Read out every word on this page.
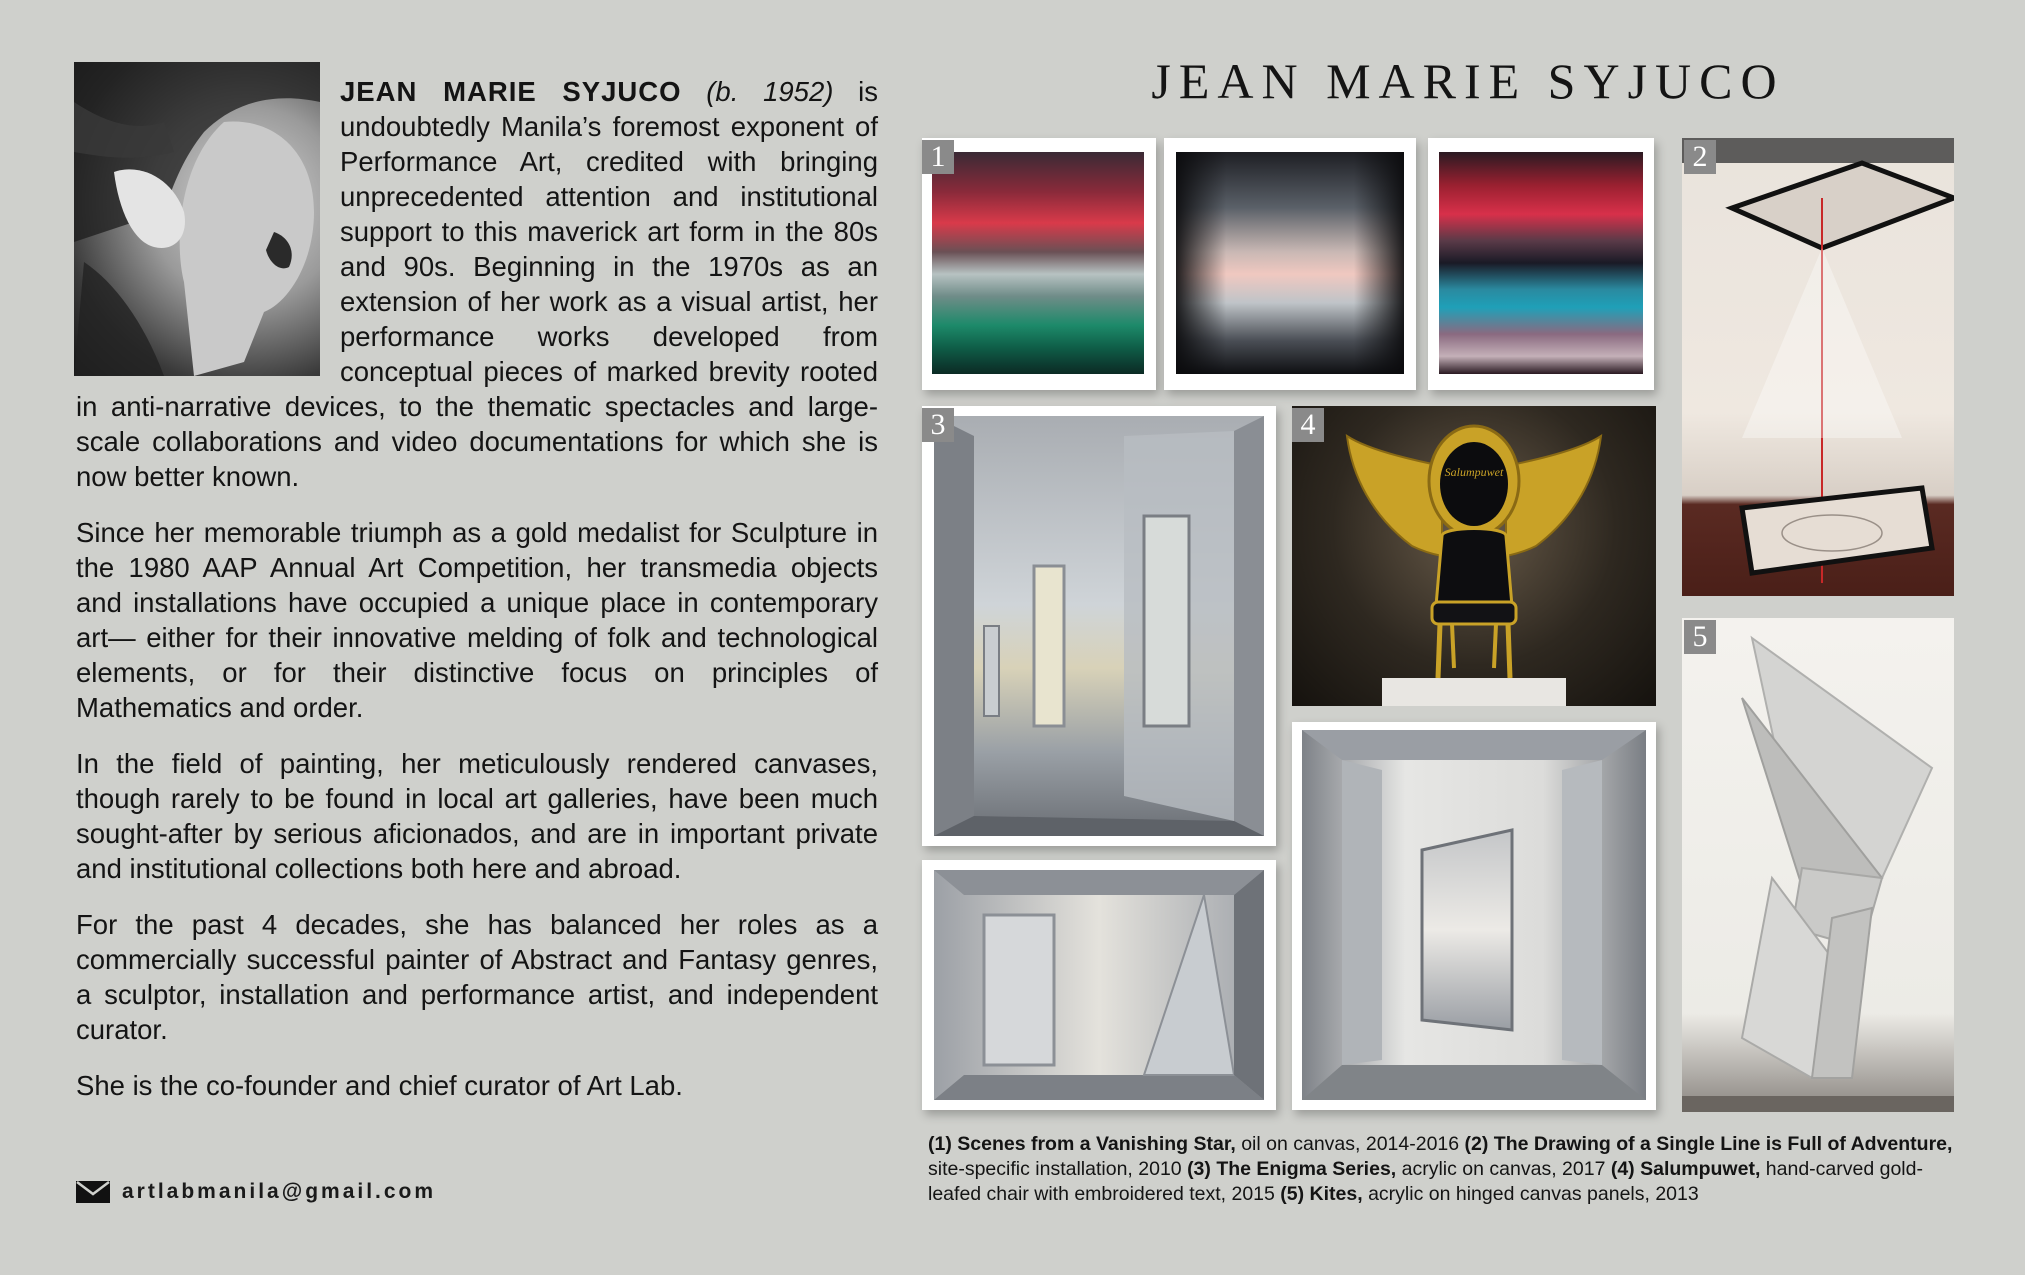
JEAN MARIE SYJUCO (b. 1952) is undoubtedly Manila’s foremost exponent of Performance Art, credited with bringing unprecedented attention and institutional support to this maverick art form in the 80s and 90s. Beginning in the 1970s as an extension of her work as a visual artist, her performance works developed from conceptual pieces of marked brevity rooted in anti-narrative devices, to the thematic spectacles and large-scale collaborations and video documentations for which she is now better known.

Since her memorable triumph as a gold medalist for Sculpture in the 1980 AAP Annual Art Competition, her transmedia objects and installations have occupied a unique place in contemporary art— either for their innovative melding of folk and technological elements, or for their distinctive focus on principles of Mathematics and order.

In the field of painting, her meticulously rendered canvases, though rarely to be found in local art galleries, have been much sought-after by serious aficionados, and are in important private and institutional collections both here and abroad.

For the past 4 decades, she has balanced her roles as a commercially successful painter of Abstract and Fantasy genres, a sculptor, installation and performance artist, and independent curator.

She is the co-founder and chief curator of Art Lab.

artlabmanila@gmail.com
JEAN MARIE SYJUCO
1	2
3
Salumpuwet
4
5

(1) Scenes from a Vanishing Star, oil on canvas, 2014-2016 (2) The Drawing of a Single Line is Full of Adventure, site-specific installation, 2010 (3) The Enigma Series, acrylic on canvas, 2017 (4) Salumpuwet, hand-carved gold-leafed chair with embroidered text, 2015 (5) Kites, acrylic on hinged canvas panels, 2013
